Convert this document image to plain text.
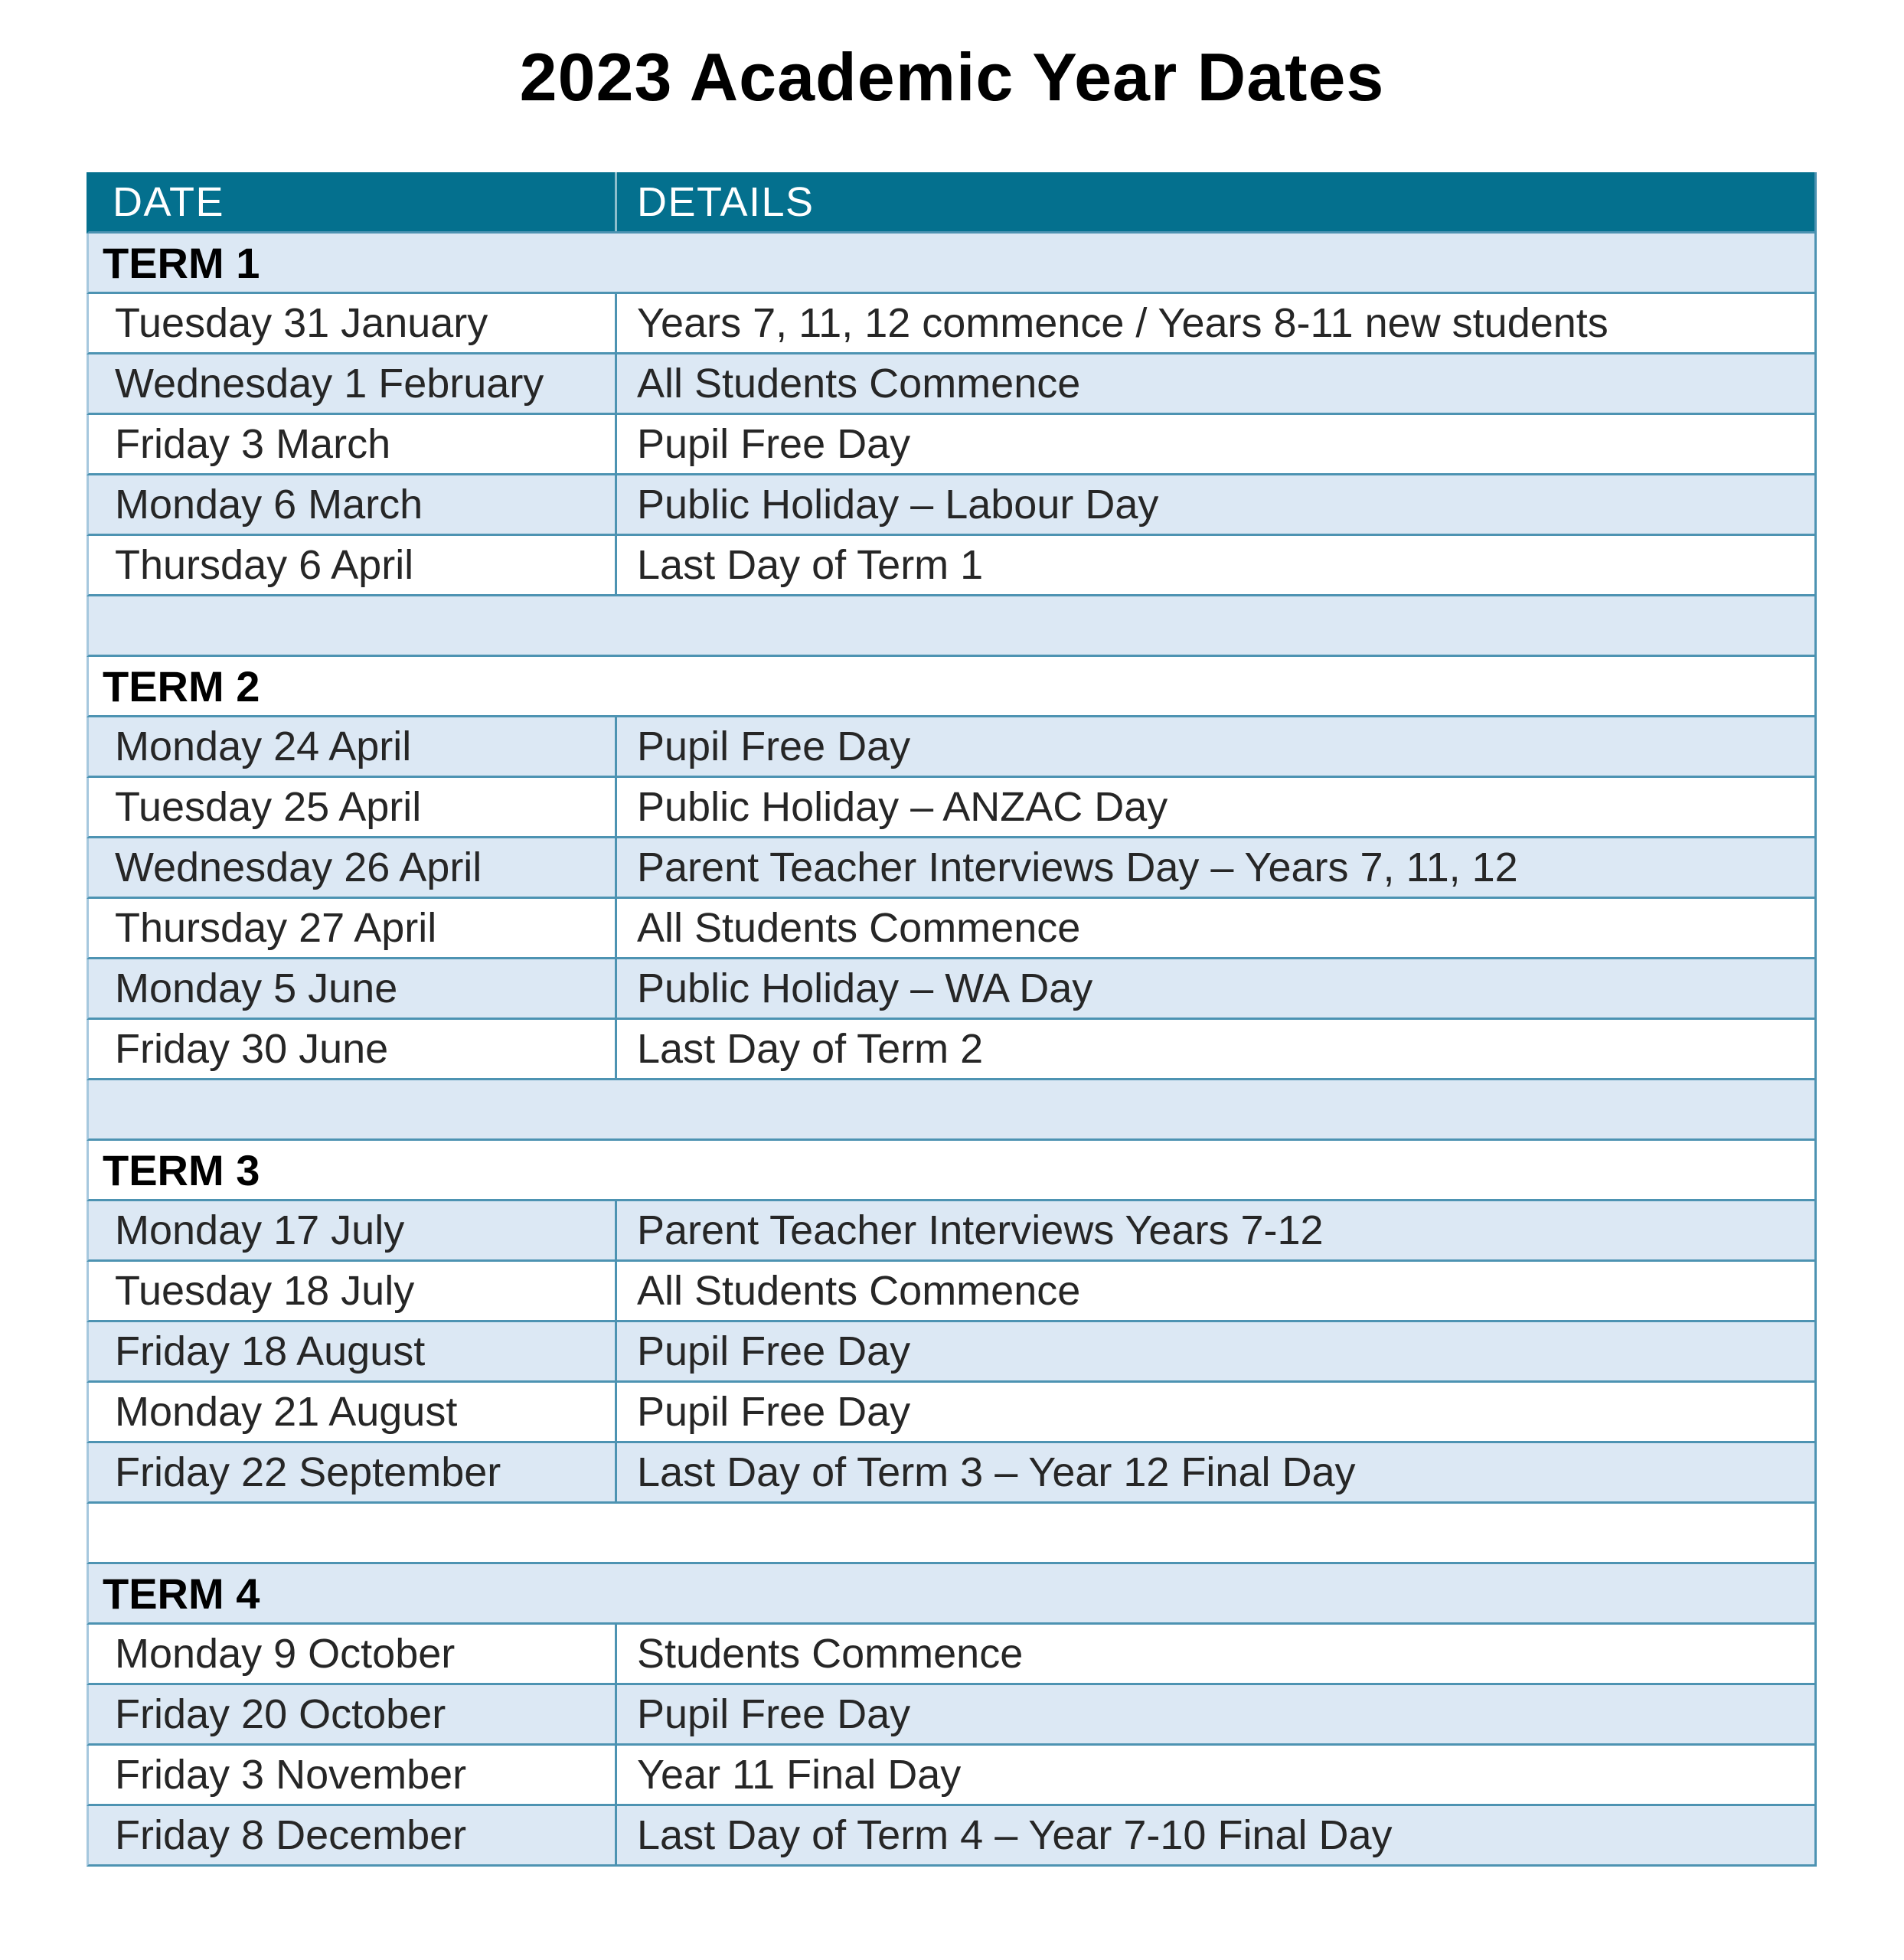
2023 Academic Year Dates
DATE	DETAILS
TERM 1
Tuesday 31 January	Years 7, 11, 12 commence / Years 8-11 new students
Wednesday 1 February	All Students Commence
Friday 3 March	Pupil Free Day
Monday 6 March	Public Holiday – Labour Day
Thursday 6 April	Last Day of Term 1
TERM 2
Monday 24 April	Pupil Free Day
Tuesday 25 April	Public Holiday – ANZAC Day
Wednesday 26 April	Parent Teacher Interviews Day – Years 7, 11, 12
Thursday 27 April	All Students Commence
Monday 5 June	Public Holiday – WA Day
Friday 30 June	Last Day of Term 2
TERM 3
Monday 17 July	Parent Teacher Interviews Years 7-12
Tuesday 18 July	All Students Commence
Friday 18 August	Pupil Free Day
Monday 21 August	Pupil Free Day
Friday 22 September	Last Day of Term 3 – Year 12 Final Day
TERM 4
Monday 9 October	Students Commence
Friday 20 October	Pupil Free Day
Friday 3 November	Year 11 Final Day
Friday 8 December	Last Day of Term 4 – Year 7-10 Final Day
